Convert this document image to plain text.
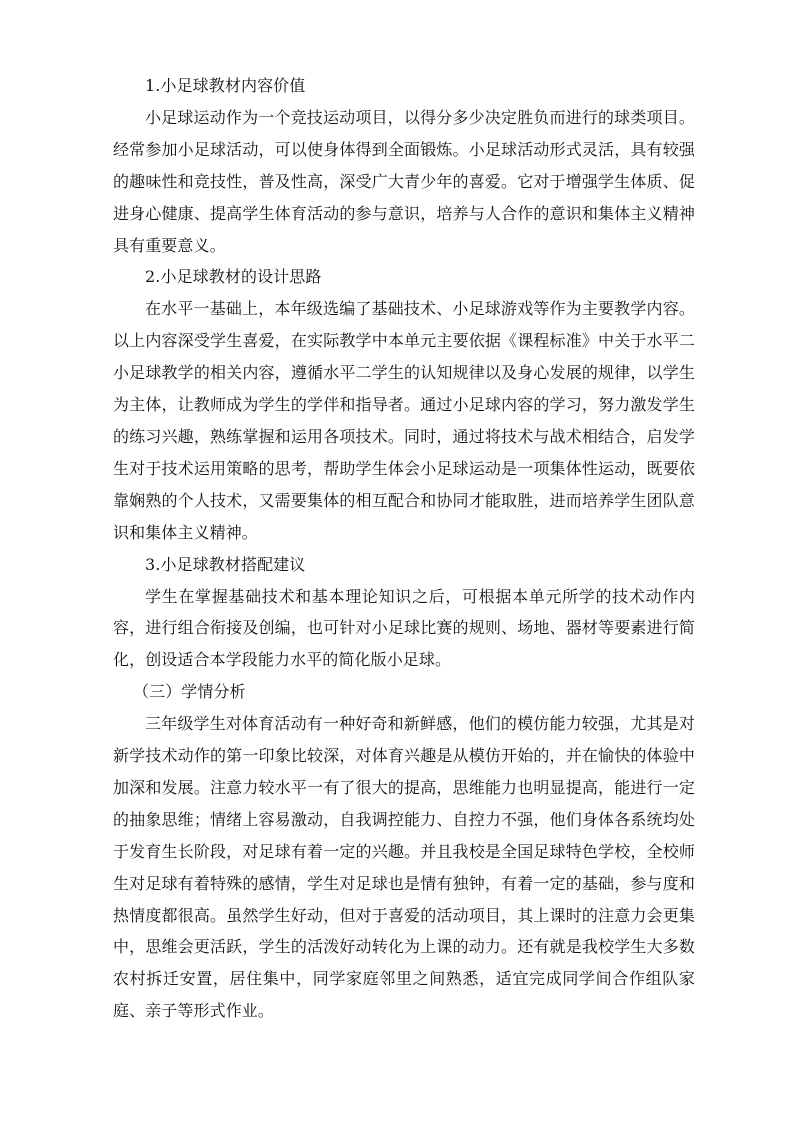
1.小足球教材内容价值

小足球运动作为一个竞技运动项目，以得分多少决定胜负而进行的球类项目。经常参加小足球活动，可以使身体得到全面锻炼。小足球活动形式灵活，具有较强的趣味性和竞技性，普及性高，深受广大青少年的喜爱。它对于增强学生体质、促进身心健康、提高学生体育活动的参与意识，培养与人合作的意识和集体主义精神具有重要意义。

2.小足球教材的设计思路

在水平一基础上，本年级选编了基础技术、小足球游戏等作为主要教学内容。以上内容深受学生喜爱，在实际教学中本单元主要依据《课程标准》中关于水平二小足球教学的相关内容，遵循水平二学生的认知规律以及身心发展的规律，以学生为主体，让教师成为学生的学伴和指导者。通过小足球内容的学习，努力激发学生的练习兴趣，熟练掌握和运用各项技术。同时，通过将技术与战术相结合，启发学生对于技术运用策略的思考，帮助学生体会小足球运动是一项集体性运动，既要依靠娴熟的个人技术，又需要集体的相互配合和协同才能取胜，进而培养学生团队意识和集体主义精神。

3.小足球教材搭配建议

学生在掌握基础技术和基本理论知识之后，可根据本单元所学的技术动作内容，进行组合衔接及创编，也可针对小足球比赛的规则、场地、器材等要素进行简化，创设适合本学段能力水平的简化版小足球。

（三）学情分析

三年级学生对体育活动有一种好奇和新鲜感，他们的模仿能力较强，尤其是对新学技术动作的第一印象比较深，对体育兴趣是从模仿开始的，并在愉快的体验中加深和发展。注意力较水平一有了很大的提高，思维能力也明显提高，能进行一定的抽象思维；情绪上容易激动，自我调控能力、自控力不强，他们身体各系统均处于发育生长阶段，对足球有着一定的兴趣。并且我校是全国足球特色学校，全校师生对足球有着特殊的感情，学生对足球也是情有独钟，有着一定的基础，参与度和热情度都很高。虽然学生好动，但对于喜爱的活动项目，其上课时的注意力会更集中，思维会更活跃，学生的活泼好动转化为上课的动力。还有就是我校学生大多数农村拆迁安置，居住集中，同学家庭邻里之间熟悉，适宜完成同学间合作组队家庭、亲子等形式作业。
